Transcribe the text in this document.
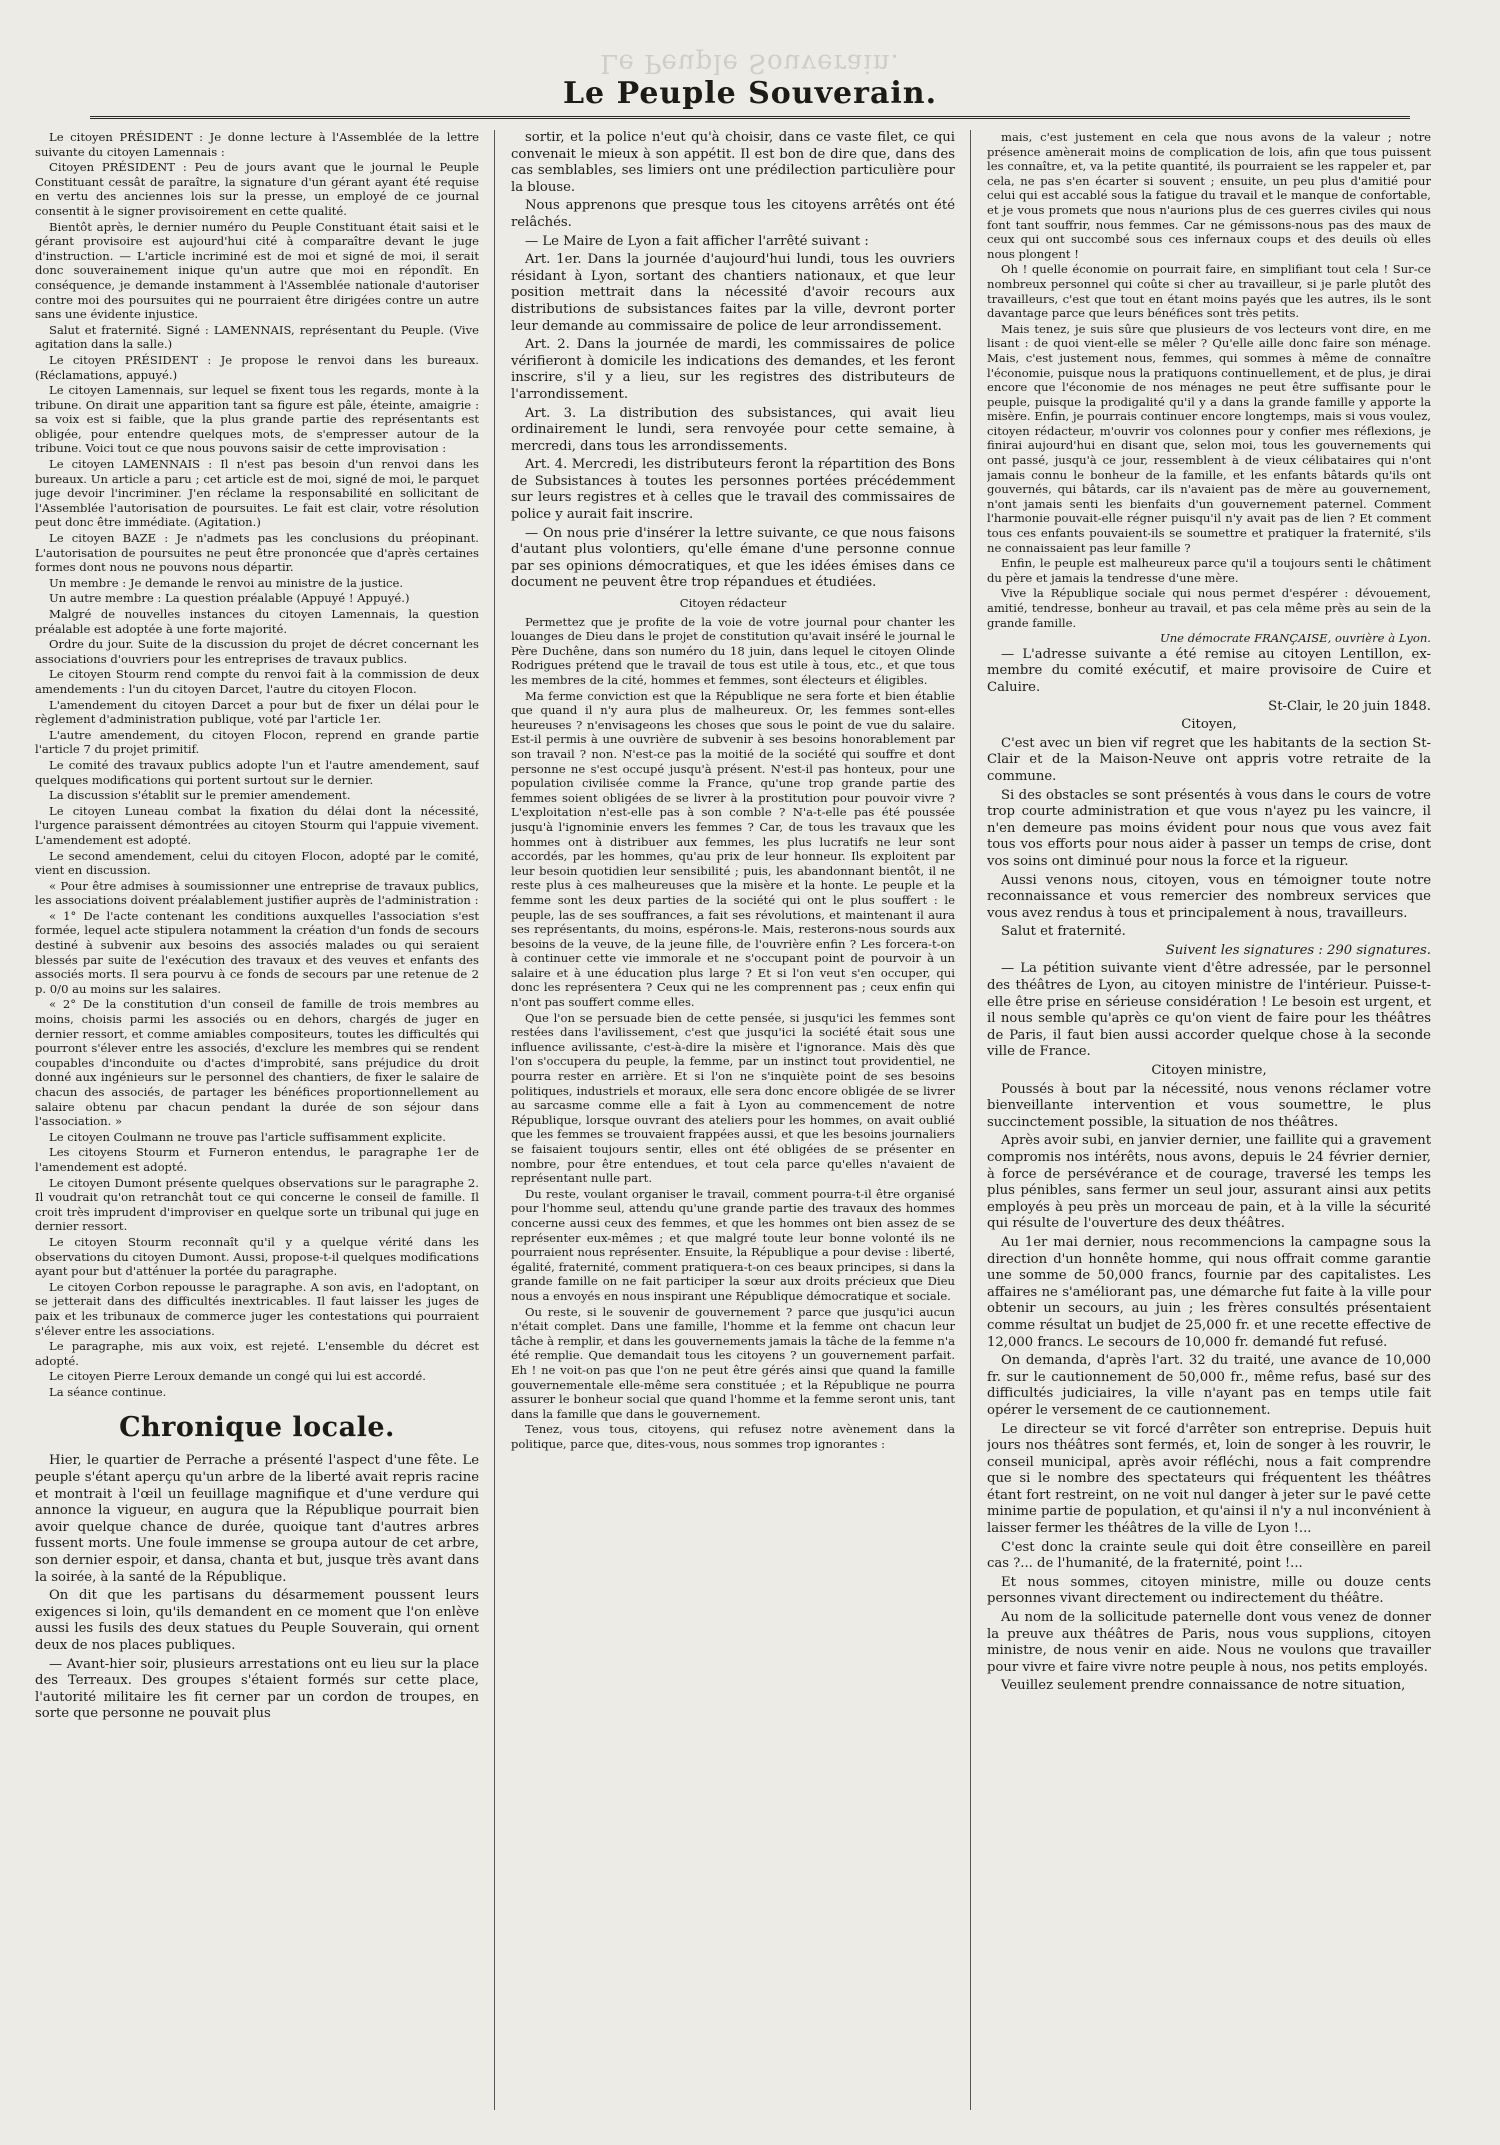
Le Peuple Souverain.
Le Peuple Souverain.

Le citoyen PRÉSIDENT : Je donne lecture à l'Assemblée de la lettre suivante du citoyen Lamennais :

Citoyen PRÉSIDENT : Peu de jours avant que le journal le Peuple Constituant cessât de paraître, la signature d'un gérant ayant été requise en vertu des anciennes lois sur la presse, un employé de ce journal consentit à le signer provisoirement en cette qualité.

Bientôt après, le dernier numéro du Peuple Constituant était saisi et le gérant provisoire est aujourd'hui cité à comparaître devant le juge d'instruction. — L'article incriminé est de moi et signé de moi, il serait donc souverainement inique qu'un autre que moi en répondît. En conséquence, je demande instamment à l'Assemblée nationale d'autoriser contre moi des poursuites qui ne pourraient être dirigées contre un autre sans une évidente injustice.

Salut et fraternité. Signé : LAMENNAIS, représentant du Peuple. (Vive agitation dans la salle.)

Le citoyen PRÉSIDENT : Je propose le renvoi dans les bureaux. (Réclamations, appuyé.)

Le citoyen Lamennais, sur lequel se fixent tous les regards, monte à la tribune. On dirait une apparition tant sa figure est pâle, éteinte, amaigrie : sa voix est si faible, que la plus grande partie des représentants est obligée, pour entendre quelques mots, de s'empresser autour de la tribune. Voici tout ce que nous pouvons saisir de cette improvisation :

Le citoyen LAMENNAIS : Il n'est pas besoin d'un renvoi dans les bureaux. Un article a paru ; cet article est de moi, signé de moi, le parquet juge devoir l'incriminer. J'en réclame la responsabilité en sollicitant de l'Assemblée l'autorisation de poursuites. Le fait est clair, votre résolution peut donc être immédiate. (Agitation.)

Le citoyen BAZE : Je n'admets pas les conclusions du préopinant. L'autorisation de poursuites ne peut être prononcée que d'après certaines formes dont nous ne pouvons nous départir.

Un membre : Je demande le renvoi au ministre de la justice.

Un autre membre : La question préalable (Appuyé ! Appuyé.)

Malgré de nouvelles instances du citoyen Lamennais, la question préalable est adoptée à une forte majorité.

Ordre du jour. Suite de la discussion du projet de décret concernant les associations d'ouvriers pour les entreprises de travaux publics.

Le citoyen Stourm rend compte du renvoi fait à la commission de deux amendements : l'un du citoyen Darcet, l'autre du citoyen Flocon.

L'amendement du citoyen Darcet a pour but de fixer un délai pour le règlement d'administration publique, voté par l'article 1er.

L'autre amendement, du citoyen Flocon, reprend en grande partie l'article 7 du projet primitif.

Le comité des travaux publics adopte l'un et l'autre amendement, sauf quelques modifications qui portent surtout sur le dernier.

La discussion s'établit sur le premier amendement.

Le citoyen Luneau combat la fixation du délai dont la nécessité, l'urgence paraissent démontrées au citoyen Stourm qui l'appuie vivement. L'amendement est adopté.

Le second amendement, celui du citoyen Flocon, adopté par le comité, vient en discussion.

« Pour être admises à soumissionner une entreprise de travaux publics, les associations doivent préalablement justifier auprès de l'administration :

« 1° De l'acte contenant les conditions auxquelles l'association s'est formée, lequel acte stipulera notamment la création d'un fonds de secours destiné à subvenir aux besoins des associés malades ou qui seraient blessés par suite de l'exécution des travaux et des veuves et enfants des associés morts. Il sera pourvu à ce fonds de secours par une retenue de 2 p. 0/0 au moins sur les salaires.

« 2° De la constitution d'un conseil de famille de trois membres au moins, choisis parmi les associés ou en dehors, chargés de juger en dernier ressort, et comme amiables compositeurs, toutes les difficultés qui pourront s'élever entre les associés, d'exclure les membres qui se rendent coupables d'inconduite ou d'actes d'improbité, sans préjudice du droit donné aux ingénieurs sur le personnel des chantiers, de fixer le salaire de chacun des associés, de partager les bénéfices proportionnellement au salaire obtenu par chacun pendant la durée de son séjour dans l'association. »

Le citoyen Coulmann ne trouve pas l'article suffisamment explicite.

Les citoyens Stourm et Furneron entendus, le paragraphe 1er de l'amendement est adopté.

Le citoyen Dumont présente quelques observations sur le paragraphe 2. Il voudrait qu'on retranchât tout ce qui concerne le conseil de famille. Il croit très imprudent d'improviser en quelque sorte un tribunal qui juge en dernier ressort.

Le citoyen Stourm reconnaît qu'il y a quelque vérité dans les observations du citoyen Dumont. Aussi, propose-t-il quelques modifications ayant pour but d'atténuer la portée du paragraphe.

Le citoyen Corbon repousse le paragraphe. A son avis, en l'adoptant, on se jetterait dans des difficultés inextricables. Il faut laisser les juges de paix et les tribunaux de commerce juger les contestations qui pourraient s'élever entre les associations.

Le paragraphe, mis aux voix, est rejeté. L'ensemble du décret est adopté.

Le citoyen Pierre Leroux demande un congé qui lui est accordé.

La séance continue.

Chronique locale.

Hier, le quartier de Perrache a présenté l'aspect d'une fête. Le peuple s'étant aperçu qu'un arbre de la liberté avait repris racine et montrait à l'œil un feuillage magnifique et d'une verdure qui annonce la vigueur, en augura que la République pourrait bien avoir quelque chance de durée, quoique tant d'autres arbres fussent morts. Une foule immense se groupa autour de cet arbre, son dernier espoir, et dansa, chanta et but, jusque très avant dans la soirée, à la santé de la République.

On dit que les partisans du désarmement poussent leurs exigences si loin, qu'ils demandent en ce moment que l'on enlève aussi les fusils des deux statues du Peuple Souverain, qui ornent deux de nos places publiques.

— Avant-hier soir, plusieurs arrestations ont eu lieu sur la place des Terreaux. Des groupes s'étaient formés sur cette place, l'autorité militaire les fit cerner par un cordon de troupes, en sorte que personne ne pouvait plus

sortir, et la police n'eut qu'à choisir, dans ce vaste filet, ce qui convenait le mieux à son appétit. Il est bon de dire que, dans des cas semblables, ses limiers ont une prédilection particulière pour la blouse.

Nous apprenons que presque tous les citoyens arrêtés ont été relâchés.

— Le Maire de Lyon a fait afficher l'arrêté suivant :

Art. 1er. Dans la journée d'aujourd'hui lundi, tous les ouvriers résidant à Lyon, sortant des chantiers nationaux, et que leur position mettrait dans la nécessité d'avoir recours aux distributions de subsistances faites par la ville, devront porter leur demande au commissaire de police de leur arrondissement.

Art. 2. Dans la journée de mardi, les commissaires de police vérifieront à domicile les indications des demandes, et les feront inscrire, s'il y a lieu, sur les registres des distributeurs de l'arrondissement.

Art. 3. La distribution des subsistances, qui avait lieu ordinairement le lundi, sera renvoyée pour cette semaine, à mercredi, dans tous les arrondissements.

Art. 4. Mercredi, les distributeurs feront la répartition des Bons de Subsistances à toutes les personnes portées précédemment sur leurs registres et à celles que le travail des commissaires de police y aurait fait inscrire.

— On nous prie d'insérer la lettre suivante, ce que nous faisons d'autant plus volontiers, qu'elle émane d'une personne connue par ses opinions démocratiques, et que les idées émises dans ce document ne peuvent être trop répandues et étudiées.

Citoyen rédacteur

Permettez que je profite de la voie de votre journal pour chanter les louanges de Dieu dans le projet de constitution qu'avait inséré le journal le Père Duchêne, dans son numéro du 18 juin, dans lequel le citoyen Olinde Rodrigues prétend que le travail de tous est utile à tous, etc., et que tous les membres de la cité, hommes et femmes, sont électeurs et éligibles.

Ma ferme conviction est que la République ne sera forte et bien établie que quand il n'y aura plus de malheureux. Or, les femmes sont-elles heureuses ? n'envisageons les choses que sous le point de vue du salaire. Est-il permis à une ouvrière de subvenir à ses besoins honorablement par son travail ? non. N'est-ce pas la moitié de la société qui souffre et dont personne ne s'est occupé jusqu'à présent. N'est-il pas honteux, pour une population civilisée comme la France, qu'une trop grande partie des femmes soient obligées de se livrer à la prostitution pour pouvoir vivre ? L'exploitation n'est-elle pas à son comble ? N'a-t-elle pas été poussée jusqu'à l'ignominie envers les femmes ? Car, de tous les travaux que les hommes ont à distribuer aux femmes, les plus lucratifs ne leur sont accordés, par les hommes, qu'au prix de leur honneur. Ils exploitent par leur besoin quotidien leur sensibilité ; puis, les abandonnant bientôt, il ne reste plus à ces malheureuses que la misère et la honte. Le peuple et la femme sont les deux parties de la société qui ont le plus souffert : le peuple, las de ses souffrances, a fait ses révolutions, et maintenant il aura ses représentants, du moins, espérons-le. Mais, resterons-nous sourds aux besoins de la veuve, de la jeune fille, de l'ouvrière enfin ? Les forcera-t-on à continuer cette vie immorale et ne s'occupant point de pourvoir à un salaire et à une éducation plus large ? Et si l'on veut s'en occuper, qui donc les représentera ? Ceux qui ne les comprennent pas ; ceux enfin qui n'ont pas souffert comme elles.

Que l'on se persuade bien de cette pensée, si jusqu'ici les femmes sont restées dans l'avilissement, c'est que jusqu'ici la société était sous une influence avilissante, c'est-à-dire la misère et l'ignorance. Mais dès que l'on s'occupera du peuple, la femme, par un instinct tout providentiel, ne pourra rester en arrière. Et si l'on ne s'inquiète point de ses besoins politiques, industriels et moraux, elle sera donc encore obligée de se livrer au sarcasme comme elle a fait à Lyon au commencement de notre République, lorsque ouvrant des ateliers pour les hommes, on avait oublié que les femmes se trouvaient frappées aussi, et que les besoins journaliers se faisaient toujours sentir, elles ont été obligées de se présenter en nombre, pour être entendues, et tout cela parce qu'elles n'avaient de représentant nulle part.

Du reste, voulant organiser le travail, comment pourra-t-il être organisé pour l'homme seul, attendu qu'une grande partie des travaux des hommes concerne aussi ceux des femmes, et que les hommes ont bien assez de se représenter eux-mêmes ; et que malgré toute leur bonne volonté ils ne pourraient nous représenter. Ensuite, la République a pour devise : liberté, égalité, fraternité, comment pratiquera-t-on ces beaux principes, si dans la grande famille on ne fait participer la sœur aux droits précieux que Dieu nous a envoyés en nous inspirant une République démocratique et sociale.

Ou reste, si le souvenir de gouvernement ? parce que jusqu'ici aucun n'était complet. Dans une famille, l'homme et la femme ont chacun leur tâche à remplir, et dans les gouvernements jamais la tâche de la femme n'a été remplie. Que demandait tous les citoyens ? un gouvernement parfait. Eh ! ne voit-on pas que l'on ne peut être gérés ainsi que quand la famille gouvernementale elle-même sera constituée ; et la République ne pourra assurer le bonheur social que quand l'homme et la femme seront unis, tant dans la famille que dans le gouvernement.

Tenez, vous tous, citoyens, qui refusez notre avènement dans la politique, parce que, dites-vous, nous sommes trop ignorantes :

mais, c'est justement en cela que nous avons de la valeur ; notre présence amènerait moins de complication de lois, afin que tous puissent les connaître, et, va la petite quantité, ils pourraient se les rappeler et, par cela, ne pas s'en écarter si souvent ; ensuite, un peu plus d'amitié pour celui qui est accablé sous la fatigue du travail et le manque de confortable, et je vous promets que nous n'aurions plus de ces guerres civiles qui nous font tant souffrir, nous femmes. Car ne gémissons-nous pas des maux de ceux qui ont succombé sous ces infernaux coups et des deuils où elles nous plongent !

Oh ! quelle économie on pourrait faire, en simplifiant tout cela ! Sur-ce nombreux personnel qui coûte si cher au travailleur, si je parle plutôt des travailleurs, c'est que tout en étant moins payés que les autres, ils le sont davantage parce que leurs bénéfices sont très petits.

Mais tenez, je suis sûre que plusieurs de vos lecteurs vont dire, en me lisant : de quoi vient-elle se mêler ? Qu'elle aille donc faire son ménage. Mais, c'est justement nous, femmes, qui sommes à même de connaître l'économie, puisque nous la pratiquons continuellement, et de plus, je dirai encore que l'économie de nos ménages ne peut être suffisante pour le peuple, puisque la prodigalité qu'il y a dans la grande famille y apporte la misère. Enfin, je pourrais continuer encore longtemps, mais si vous voulez, citoyen rédacteur, m'ouvrir vos colonnes pour y confier mes réflexions, je finirai aujourd'hui en disant que, selon moi, tous les gouvernements qui ont passé, jusqu'à ce jour, ressemblent à de vieux célibataires qui n'ont jamais connu le bonheur de la famille, et les enfants bâtards qu'ils ont gouvernés, qui bâtards, car ils n'avaient pas de mère au gouvernement, n'ont jamais senti les bienfaits d'un gouvernement paternel. Comment l'harmonie pouvait-elle régner puisqu'il n'y avait pas de lien ? Et comment tous ces enfants pouvaient-ils se soumettre et pratiquer la fraternité, s'ils ne connaissaient pas leur famille ?

Enfin, le peuple est malheureux parce qu'il a toujours senti le châtiment du père et jamais la tendresse d'une mère.

Vive la République sociale qui nous permet d'espérer : dévouement, amitié, tendresse, bonheur au travail, et pas cela même près au sein de la grande famille.

Une démocrate FRANÇAISE, ouvrière à Lyon.

— L'adresse suivante a été remise au citoyen Lentillon, ex-membre du comité exécutif, et maire provisoire de Cuire et Caluire.

St-Clair, le 20 juin 1848.

Citoyen,

C'est avec un bien vif regret que les habitants de la section St-Clair et de la Maison-Neuve ont appris votre retraite de la commune.

Si des obstacles se sont présentés à vous dans le cours de votre trop courte administration et que vous n'ayez pu les vaincre, il n'en demeure pas moins évident pour nous que vous avez fait tous vos efforts pour nous aider à passer un temps de crise, dont vos soins ont diminué pour nous la force et la rigueur.

Aussi venons nous, citoyen, vous en témoigner toute notre reconnaissance et vous remercier des nombreux services que vous avez rendus à tous et principalement à nous, travailleurs.

Salut et fraternité.

Suivent les signatures : 290 signatures.

— La pétition suivante vient d'être adressée, par le personnel des théâtres de Lyon, au citoyen ministre de l'intérieur. Puisse-t-elle être prise en sérieuse considération ! Le besoin est urgent, et il nous semble qu'après ce qu'on vient de faire pour les théâtres de Paris, il faut bien aussi accorder quelque chose à la seconde ville de France.

Citoyen ministre,

Poussés à bout par la nécessité, nous venons réclamer votre bienveillante intervention et vous soumettre, le plus succinctement possible, la situation de nos théâtres.

Après avoir subi, en janvier dernier, une faillite qui a gravement compromis nos intérêts, nous avons, depuis le 24 février dernier, à force de persévérance et de courage, traversé les temps les plus pénibles, sans fermer un seul jour, assurant ainsi aux petits employés à peu près un morceau de pain, et à la ville la sécurité qui résulte de l'ouverture des deux théâtres.

Au 1er mai dernier, nous recommencions la campagne sous la direction d'un honnête homme, qui nous offrait comme garantie une somme de 50,000 francs, fournie par des capitalistes. Les affaires ne s'améliorant pas, une démarche fut faite à la ville pour obtenir un secours, au juin ; les frères consultés présentaient comme résultat un budjet de 25,000 fr. et une recette effective de 12,000 francs. Le secours de 10,000 fr. demandé fut refusé.

On demanda, d'après l'art. 32 du traité, une avance de 10,000 fr. sur le cautionnement de 50,000 fr., même refus, basé sur des difficultés judiciaires, la ville n'ayant pas en temps utile fait opérer le versement de ce cautionnement.

Le directeur se vit forcé d'arrêter son entreprise. Depuis huit jours nos théâtres sont fermés, et, loin de songer à les rouvrir, le conseil municipal, après avoir réfléchi, nous a fait comprendre que si le nombre des spectateurs qui fréquentent les théâtres étant fort restreint, on ne voit nul danger à jeter sur le pavé cette minime partie de population, et qu'ainsi il n'y a nul inconvénient à laisser fermer les théâtres de la ville de Lyon !...

C'est donc la crainte seule qui doit être conseillère en pareil cas ?... de l'humanité, de la fraternité, point !...

Et nous sommes, citoyen ministre, mille ou douze cents personnes vivant directement ou indirectement du théâtre.

Au nom de la sollicitude paternelle dont vous venez de donner la preuve aux théâtres de Paris, nous vous supplions, citoyen ministre, de nous venir en aide. Nous ne voulons que travailler pour vivre et faire vivre notre peuple à nous, nos petits employés.

Veuillez seulement prendre connaissance de notre situation,
